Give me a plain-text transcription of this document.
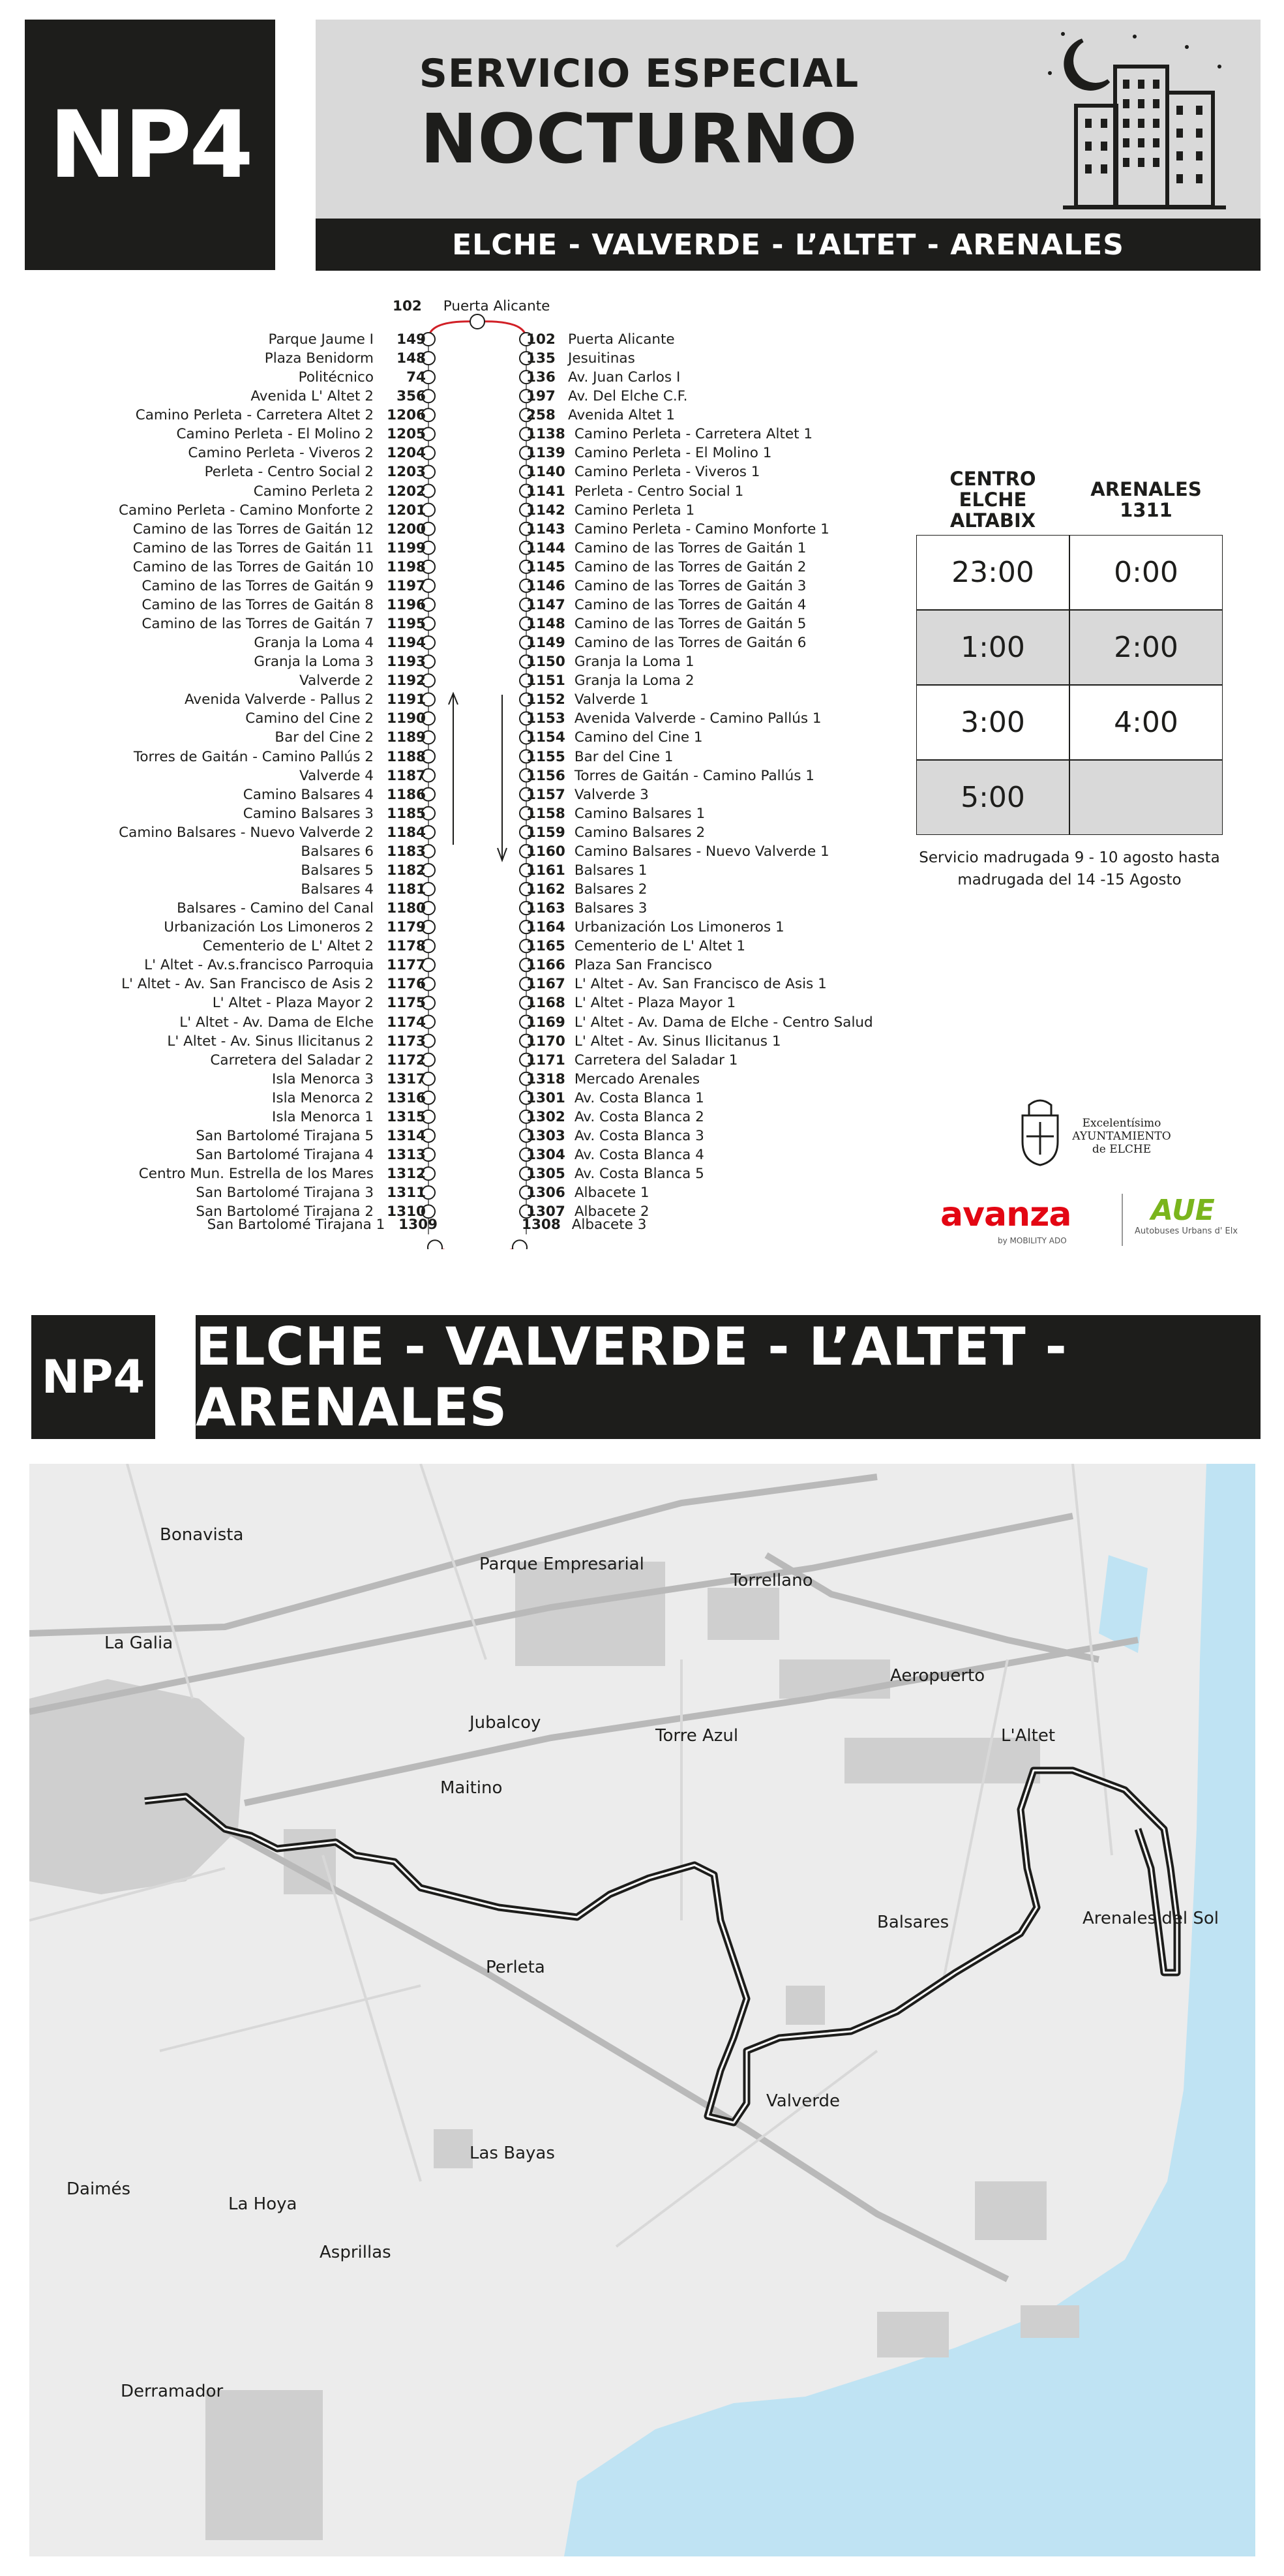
NP4
SERVICIO ESPECIAL
NOCTURNO
ELCHE - VALVERDE - L’ALTET - ARENALES
102 Puerta Alicante
Parque Jaume I 149
Plaza Benidorm 148
Politécnico 74
Avenida L' Altet 2 356
Camino Perleta - Carretera Altet 2 1206
Camino Perleta - El Molino 2 1205
Camino Perleta - Viveros 2 1204
Perleta - Centro Social 2 1203
Camino Perleta 2 1202
Camino Perleta - Camino Monforte 2 1201
Camino de las Torres de Gaitán 12 1200
Camino de las Torres de Gaitán 11 1199
Camino de las Torres de Gaitán 10 1198
Camino de las Torres de Gaitán 9 1197
Camino de las Torres de Gaitán 8 1196
Camino de las Torres de Gaitán 7 1195
Granja la Loma 4 1194
Granja la Loma 3 1193
Valverde 2 1192
Avenida Valverde - Pallus 2 1191
Camino del Cine 2 1190
Bar del Cine 2 1189
Torres de Gaitán - Camino Pallús 2 1188
Valverde 4 1187
Camino Balsares 4 1186
Camino Balsares 3 1185
Camino Balsares - Nuevo Valverde 2 1184
Balsares 6 1183
Balsares 5 1182
Balsares 4 1181
Balsares - Camino del Canal 1180
Urbanización Los Limoneros 2 1179
Cementerio de L' Altet 2 1178
L' Altet - Av.s.francisco Parroquia 1177
L' Altet - Av. San Francisco de Asis 2 1176
L' Altet - Plaza Mayor 2 1175
L' Altet - Av. Dama de Elche 1174
L' Altet - Av. Sinus Ilicitanus 2 1173
Carretera del Saladar 2 1172
Isla Menorca 3 1317
Isla Menorca 2 1316
Isla Menorca 1 1315
San Bartolomé Tirajana 5 1314
San Bartolomé Tirajana 4 1313
Centro Mun. Estrella de los Mares 1312
San Bartolomé Tirajana 3 1311
San Bartolomé Tirajana 2 1310
102 Puerta Alicante
135 Jesuitinas
136 Av. Juan Carlos I
197 Av. Del Elche C.F.
258 Avenida Altet 1
1138 Camino Perleta - Carretera Altet 1
1139 Camino Perleta - El Molino 1
1140 Camino Perleta - Viveros 1
1141 Perleta - Centro Social 1
1142 Camino Perleta 1
1143 Camino Perleta - Camino Monforte 1
1144 Camino de las Torres de Gaitán 1
1145 Camino de las Torres de Gaitán 2
1146 Camino de las Torres de Gaitán 3
1147 Camino de las Torres de Gaitán 4
1148 Camino de las Torres de Gaitán 5
1149 Camino de las Torres de Gaitán 6
1150 Granja la Loma 1
1151 Granja la Loma 2
1152 Valverde 1
1153 Avenida Valverde - Camino Pallús 1
1154 Camino del Cine 1
1155 Bar del Cine 1
1156 Torres de Gaitán - Camino Pallús 1
1157 Valverde 3
1158 Camino Balsares 1
1159 Camino Balsares 2
1160 Camino Balsares - Nuevo Valverde 1
1161 Balsares 1
1162 Balsares 2
1163 Balsares 3
1164 Urbanización Los Limoneros 1
1165 Cementerio de L' Altet 1
1166 Plaza San Francisco
1167 L' Altet - Av. San Francisco de Asis 1
1168 L' Altet - Plaza Mayor 1
1169 L' Altet - Av. Dama de Elche - Centro Salud
1170 L' Altet - Av. Sinus Ilicitanus 1
1171 Carretera del Saladar 1
1318 Mercado Arenales
1301 Av. Costa Blanca 1
1302 Av. Costa Blanca 2
1303 Av. Costa Blanca 3
1304 Av. Costa Blanca 4
1305 Av. Costa Blanca 5
1306 Albacete 1
1307 Albacete 2
San Bartolomé Tirajana 1 1309	1308 Albacete 3
CENTRO
ELCHE
ALTABIX
ARENALES
1311
23:00	0:00
1:00	2:00
3:00	4:00
5:00
Servicio madrugada 9 - 10 agosto hasta madrugada del 14 -15 Agosto
Excelentísimo
AYUNTAMIENTO
de ELCHE
avanza
by MOBILITY ADO
AUE
Autobuses Urbans d' Elx
NP4 ELCHE - VALVERDE - L’ALTET - ARENALES
Bonavista
Parque Empresarial
Torrellano
La Galia
Aeropuerto
L'Altet
Jubalcoy
Torre Azul
Maitino
Balsares	Arenales del Sol
Perleta
Valverde
Las Bayas
Daimés
La Hoya
Asprillas
Derramador
